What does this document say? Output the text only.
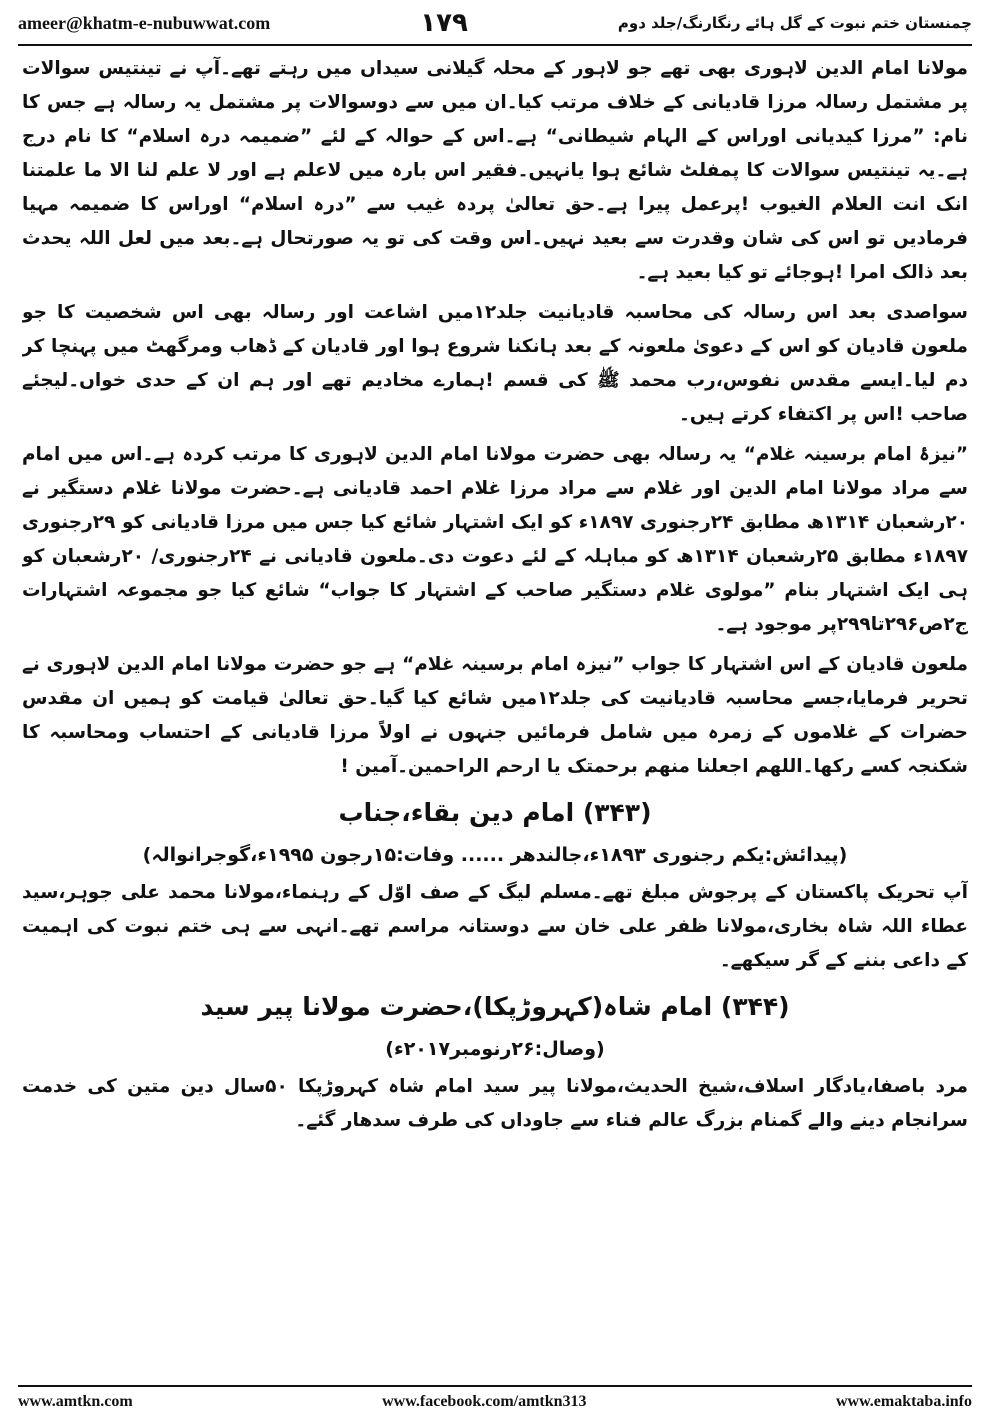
ameer@khatm-e-nubuwwat.com	۱۷۹	چمنستان ختم نبوت کے گل ہائے رنگارنگ/جلد دوم

مولانا امام الدین لاہوری بھی تھے جو لاہور کے محلہ گیلانی سیداں میں رہتے تھے۔آپ نے تینتیس سوالات پر مشتمل رسالہ مرزا قادیانی کے خلاف مرتب کیا۔ان میں سے دوسوالات پر مشتمل یہ رسالہ ہے جس کا نام: ”مرزا کیدیانی اوراس کے الہام شیطانی“ ہے۔اس کے حوالہ کے لئے ”ضمیمہ درہ اسلام“ کا نام درج ہے۔یہ تینتیس سوالات کا پمفلٹ شائع ہوا یانہیں۔فقیر اس بارہ میں لاعلم ہے اور لا علم لنا الا ما علمتنا انک انت العلام الغیوب !پرعمل پیرا ہے۔حق تعالیٰ پردہ غیب سے ”درہ اسلام“ اوراس کا ضمیمہ مہیا فرمادیں تو اس کی شان وقدرت سے بعید نہیں۔اس وقت کی تو یہ صورتحال ہے۔بعد میں لعل اللہ یحدث بعد ذالک امرا !ہوجائے تو کیا بعید ہے۔

سواصدی بعد اس رسالہ کی محاسبہ قادیانیت جلد۱۲میں اشاعت اور رسالہ بھی اس شخصیت کا جو ملعون قادیان کو اس کے دعویٰ ملعونہ کے بعد ہانکنا شروع ہوا اور قادیان کے ڈھاب ومرگھٹ میں پہنچا کر دم لیا۔ایسے مقدس نفوس،رب محمد ﷺ کی قسم !ہمارے مخادیم تھے اور ہم ان کے حدی خواں۔لیجئے صاحب !اس پر اکتفاء کرتے ہیں۔

”نیزۂ امام برسینہ غلام“ یہ رسالہ بھی حضرت مولانا امام الدین لاہوری کا مرتب کردہ ہے۔اس میں امام سے مراد مولانا امام الدین اور غلام سے مراد مرزا غلام احمد قادیانی ہے۔حضرت مولانا غلام دستگیر نے ۲۰رشعبان ۱۳۱۴ھ مطابق ۲۴رجنوری ۱۸۹۷ء کو ایک اشتہار شائع کیا جس میں مرزا قادیانی کو ۲۹رجنوری ۱۸۹۷ء مطابق ۲۵رشعبان ۱۳۱۴ھ کو مباہلہ کے لئے دعوت دی۔ملعون قادیانی نے ۲۴رجنوری/ ۲۰رشعبان کو ہی ایک اشتہار بنام ”مولوی غلام دستگیر صاحب کے اشتہار کا جواب“ شائع کیا جو مجموعہ اشتہارات ج۲ص۲۹۶تا۲۹۹پر موجود ہے۔

ملعون قادیان کے اس اشتہار کا جواب ”نیزہ امام برسینہ غلام“ ہے جو حضرت مولانا امام الدین لاہوری نے تحریر فرمایا،جسے محاسبہ قادیانیت کی جلد۱۲میں شائع کیا گیا۔حق تعالیٰ قیامت کو ہمیں ان مقدس حضرات کے غلاموں کے زمرہ میں شامل فرمائیں جنہوں نے اولاً مرزا قادیانی کے احتساب ومحاسبہ کا شکنجہ کسے رکھا۔اللھم اجعلنا منھم برحمتک یا ارحم الراحمین۔آمین !

(۳۴۳) امام دین بقاء،جناب
(پیدائش:یکم رجنوری ۱۸۹۳ء،جالندھر ...... وفات:۱۵رجون ۱۹۹۵ء،گوجرانوالہ)

آپ تحریک پاکستان کے پرجوش مبلغ تھے۔مسلم لیگ کے صف اوّل کے رہنماء،مولانا محمد علی جوہر،سید عطاء اللہ شاہ بخاری،مولانا ظفر علی خان سے دوستانہ مراسم تھے۔انہی سے ہی ختم نبوت کی اہمیت کے داعی بننے کے گر سیکھے۔

(۳۴۴) امام شاہ(کہروڑپکا)،حضرت مولانا پیر سید
(وصال:۲۶رنومبر۲۰۱۷ء)

مرد باصفا،یادگار اسلاف،شیخ الحدیث،مولانا پیر سید امام شاہ کہروڑپکا ۵۰سال دین متین کی خدمت سرانجام دینے والے گمنام بزرگ عالم فناء سے جاوداں کی طرف سدھار گئے۔

www.amtkn.com	www.facebook.com/amtkn313	www.emaktaba.info
